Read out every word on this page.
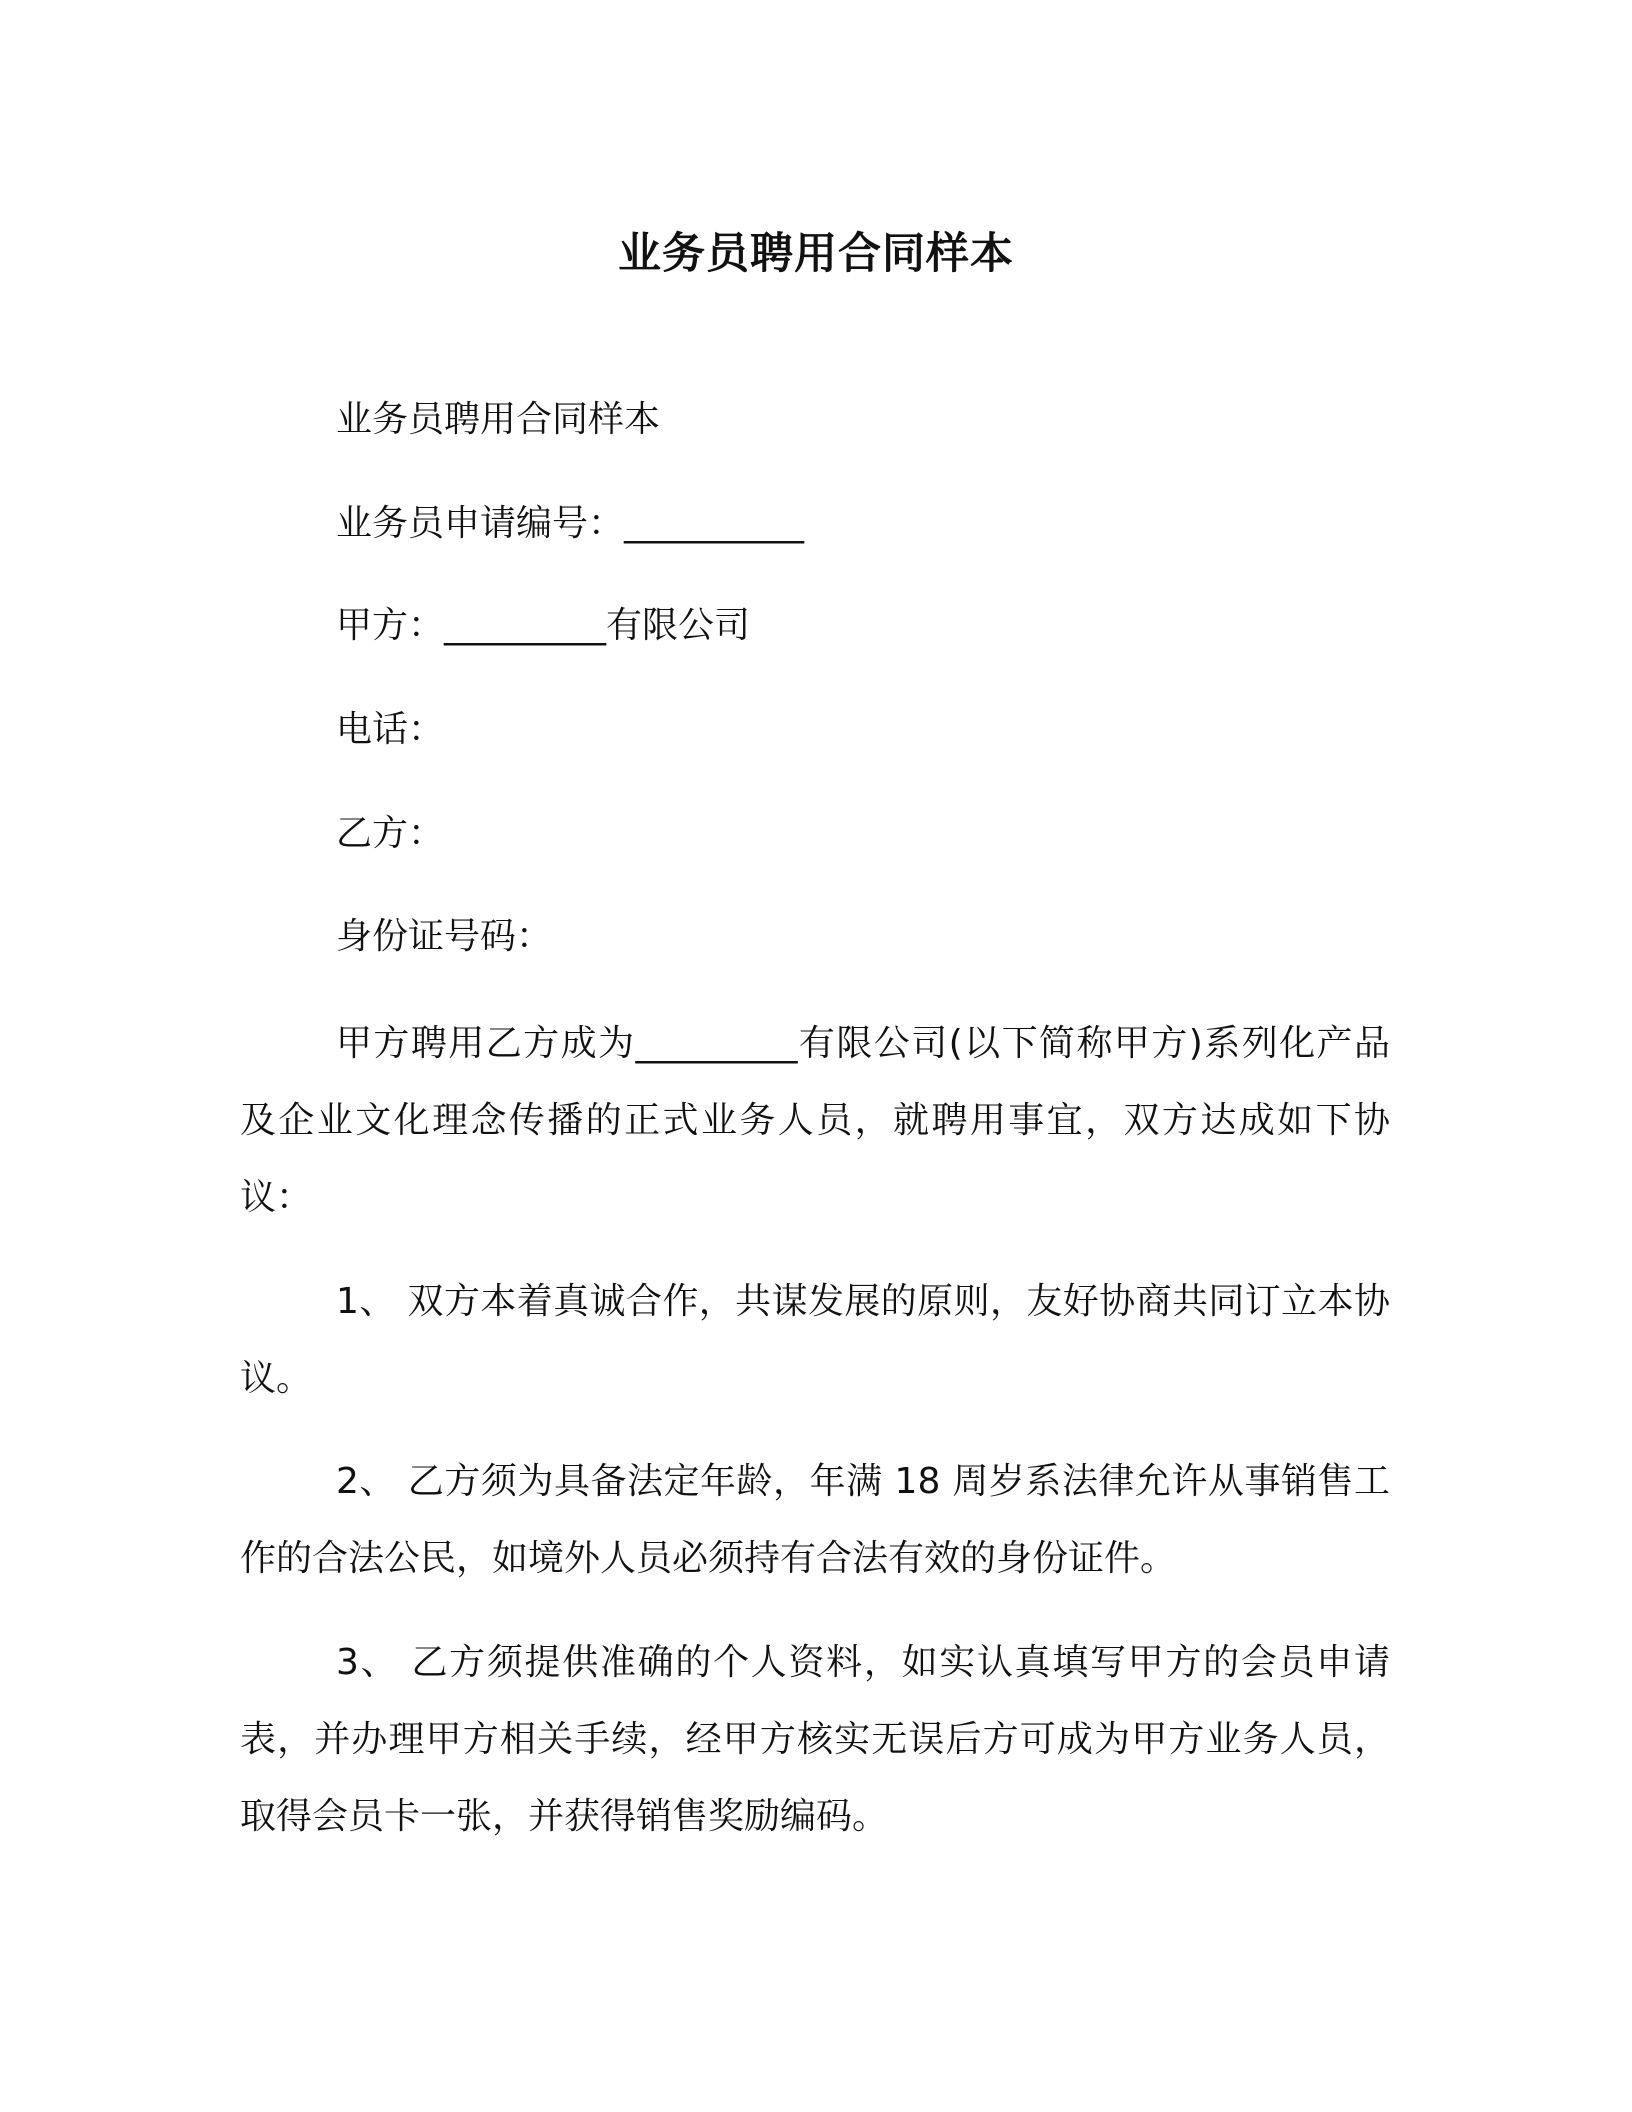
业务员聘用合同样本

业务员聘用合同样本

业务员申请编号：__________

甲方：_________有限公司

电话：

乙方：

身份证号码：

甲方聘用乙方成为_________有限公司(以下简称甲方)系列化产品及企业文化理念传播的正式业务人员，就聘用事宜，双方达成如下协议：

1、 双方本着真诚合作，共谋发展的原则，友好协商共同订立本协议。

2、 乙方须为具备法定年龄，年满 18 周岁系法律允许从事销售工作的合法公民，如境外人员必须持有合法有效的身份证件。

3、 乙方须提供准确的个人资料，如实认真填写甲方的会员申请表，并办理甲方相关手续，经甲方核实无误后方可成为甲方业务人员，取得会员卡一张，并获得销售奖励编码。
